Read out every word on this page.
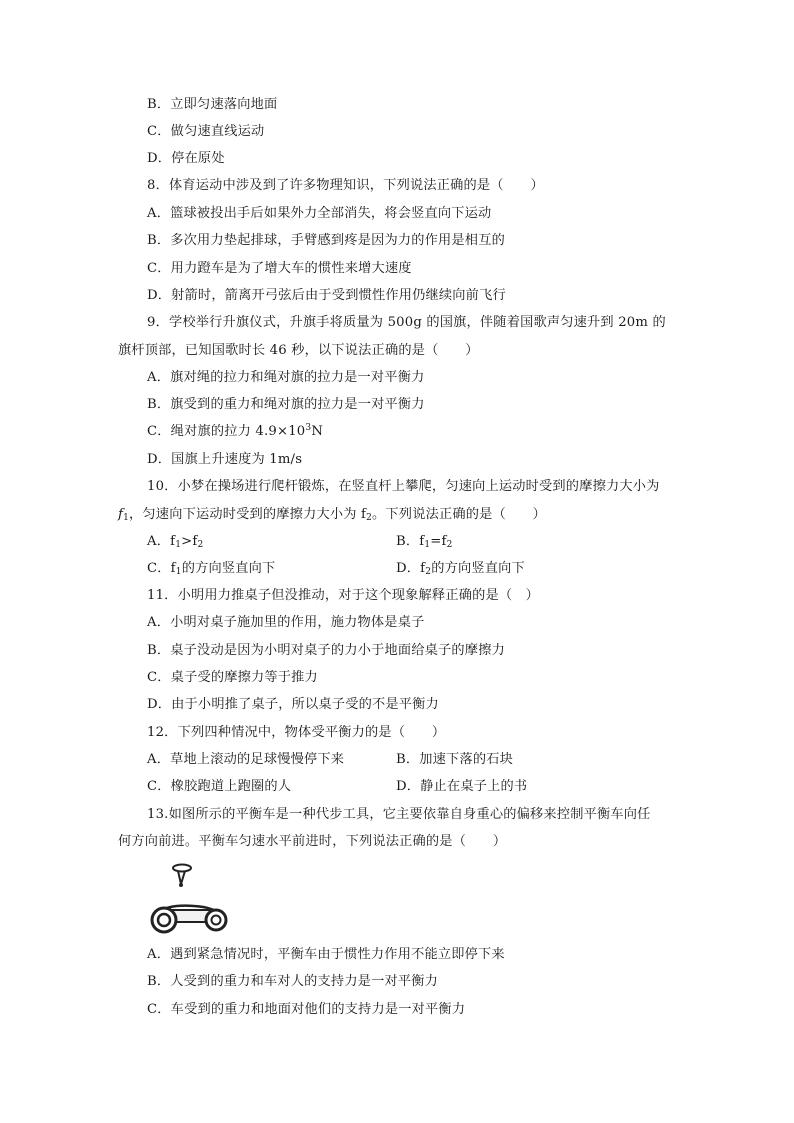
B．立即匀速落向地面
C．做匀速直线运动
D．停在原处
8．体育运动中涉及到了许多物理知识，下列说法正确的是（　　）
A．篮球被投出手后如果外力全部消失，将会竖直向下运动
B．多次用力垫起排球，手臂感到疼是因为力的作用是相互的
C．用力蹬车是为了增大车的惯性来增大速度
D．射箭时，箭离开弓弦后由于受到惯性作用仍继续向前飞行
9．学校举行升旗仪式，升旗手将质量为 500g 的国旗，伴随着国歌声匀速升到 20m 的
旗杆顶部，已知国歌时长 46 秒，以下说法正确的是（　　）
A．旗对绳的拉力和绳对旗的拉力是一对平衡力
B．旗受到的重力和绳对旗的拉力是一对平衡力
C．绳对旗的拉力 $4.9\times 10^3N$
D．国旗上升速度为 1m/s
10．小梦在操场进行爬杆锻炼，在竖直杆上攀爬，匀速向上运动时受到的摩擦力大小为
$f_1$，匀速向下运动时受到的摩擦力大小为 $f_2$。下列说法正确的是（　　）
A．$f_1>f_2$	B．$f_1=f_2$
C．$f_1$的方向竖直向下	D．$f_2$的方向竖直向下
11．小明用力推桌子但没推动，对于这个现象解释正确的是（　）
A．小明对桌子施加里的作用，施力物体是桌子
B．桌子没动是因为小明对桌子的力小于地面给桌子的摩擦力
C．桌子受的摩擦力等于推力
D．由于小明推了桌子，所以桌子受的不是平衡力
12．下列四种情况中，物体受平衡力的是（　　）
A．草地上滚动的足球慢慢停下来	B．加速下落的石块
C．橡胶跑道上跑圈的人	D．静止在桌子上的书
13.如图所示的平衡车是一种代步工具，它主要依靠自身重心的偏移来控制平衡车向任
何方向前进。平衡车匀速水平前进时，下列说法正确的是（　　）
A．遇到紧急情况时，平衡车由于惯性力作用不能立即停下来
B．人受到的重力和车对人的支持力是一对平衡力
C．车受到的重力和地面对他们的支持力是一对平衡力
